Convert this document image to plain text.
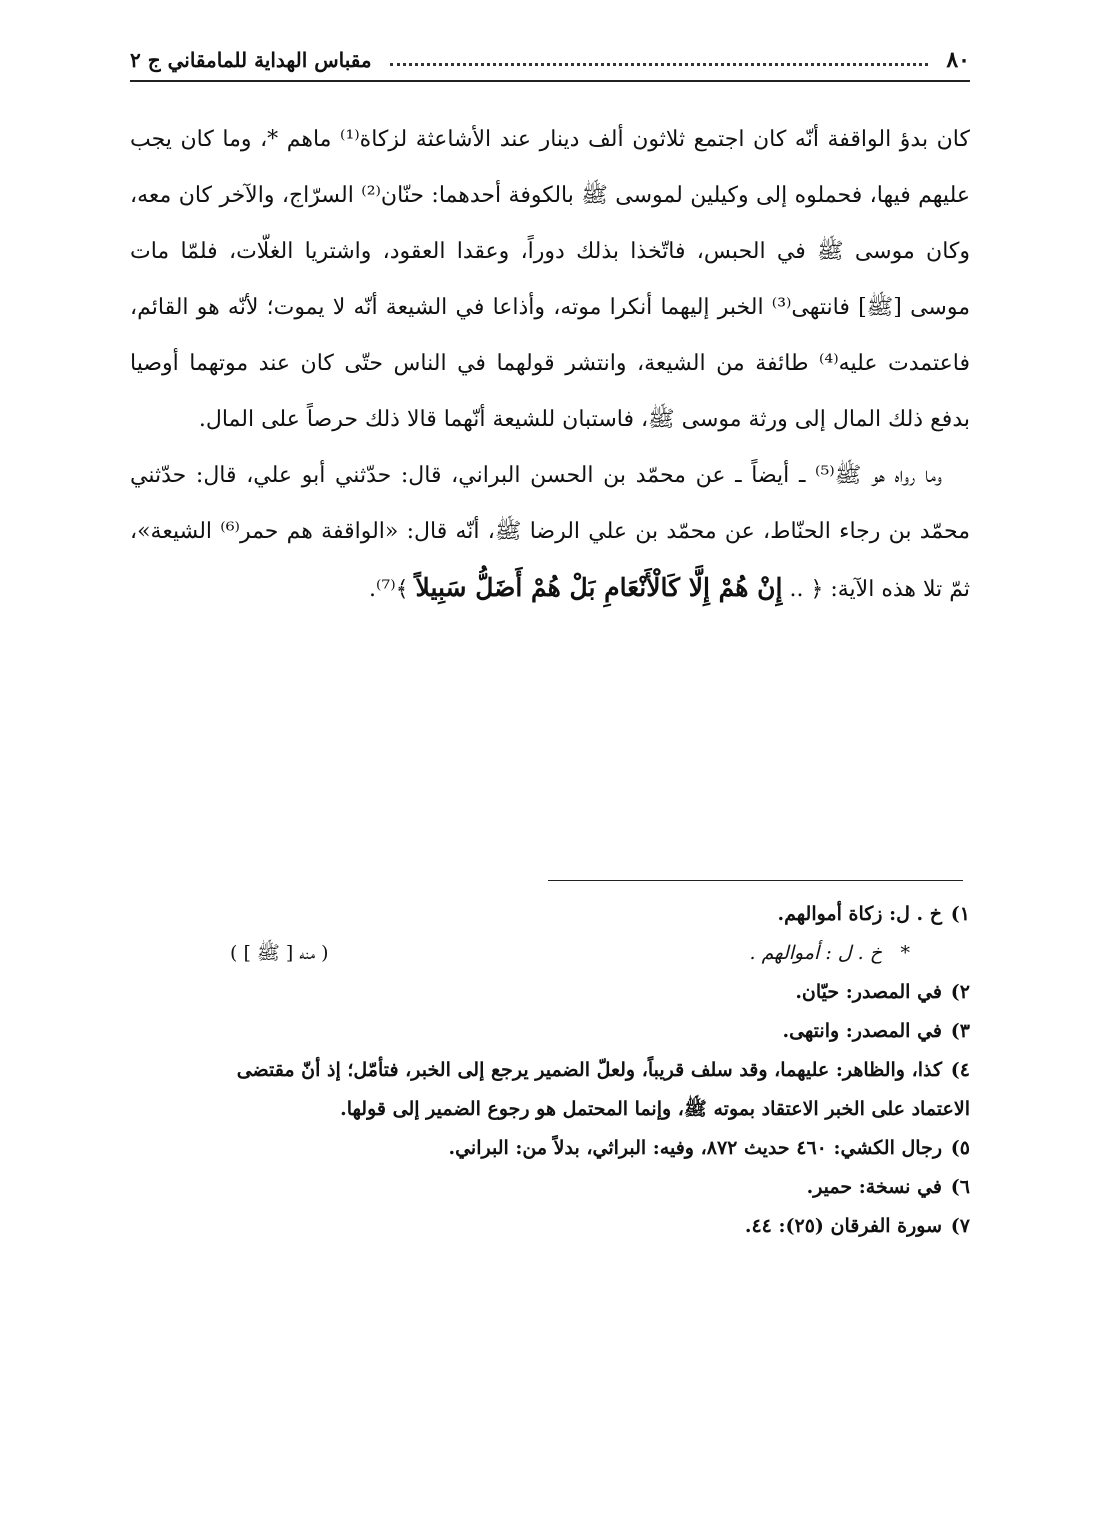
٨٠
مقباس الهداية للمامقاني ج ٢

كان بدؤ الواقفة أنّه كان اجتمع ثلاثون ألف دينار عند الأشاعثة لزكاة⁽¹⁾ ماهم *، وما كان يجب عليهم فيها، فحملوه إلى وكيلين لموسى ﷺ بالكوفة أحدهما: حنّان⁽²⁾ السرّاج، والآخر كان معه، وكان موسى ﷺ في الحبس، فاتّخذا بذلك دوراً، وعقدا العقود، واشتريا الغلّات، فلمّا مات موسى [ﷺ] فانتهى⁽³⁾ الخبر إليهما أنكرا موته، وأذاعا في الشيعة أنّه لا يموت؛ لأنّه هو القائم، فاعتمدت عليه⁽⁴⁾ طائفة من الشيعة، وانتشر قولهما في الناس حتّى كان عند موتهما أوصيا بدفع ذلك المال إلى ورثة موسى ﷺ، فاستبان للشيعة أنّهما قالا ذلك حرصاً على المال.

وما رواه هو ﷺ⁽⁵⁾ ـ أيضاً ـ عن محمّد بن الحسن البراني، قال: حدّثني أبو علي، قال: حدّثني محمّد بن رجاء الحنّاط، عن محمّد بن علي الرضا ﷺ، أنّه قال: «الواقفة هم حمر⁽⁶⁾ الشيعة»، ثمّ تلا هذه الآية: ﴿ .. إِنْ هُمْ إِلَّا كَالْأَنْعَامِ بَلْ هُمْ أَضَلُّ سَبِيلاً ﴾⁽⁷⁾.

١)
خ . ل: زكاة أموالهم.
*
خ . ل : أموالهم .
( منه [ ﷺ ] )
٢)
في المصدر: حيّان.
٣)
في المصدر: وانتهى.
٤)
كذا، والظاهر: عليهما، وقد سلف قريباً، ولعلّ الضمير يرجع إلى الخبر، فتأمّل؛ إذ أنّ مقتضى
الاعتماد على الخبر الاعتقاد بموته ﷺ، وإنما المحتمل هو رجوع الضمير إلى قولها.
٥)
رجال الكشي: ٤٦٠ حديث ٨٧٢، وفيه: البراثي، بدلاً من: البراني.
٦)
في نسخة: حمير.
٧)
سورة الفرقان (٢٥): ٤٤.
